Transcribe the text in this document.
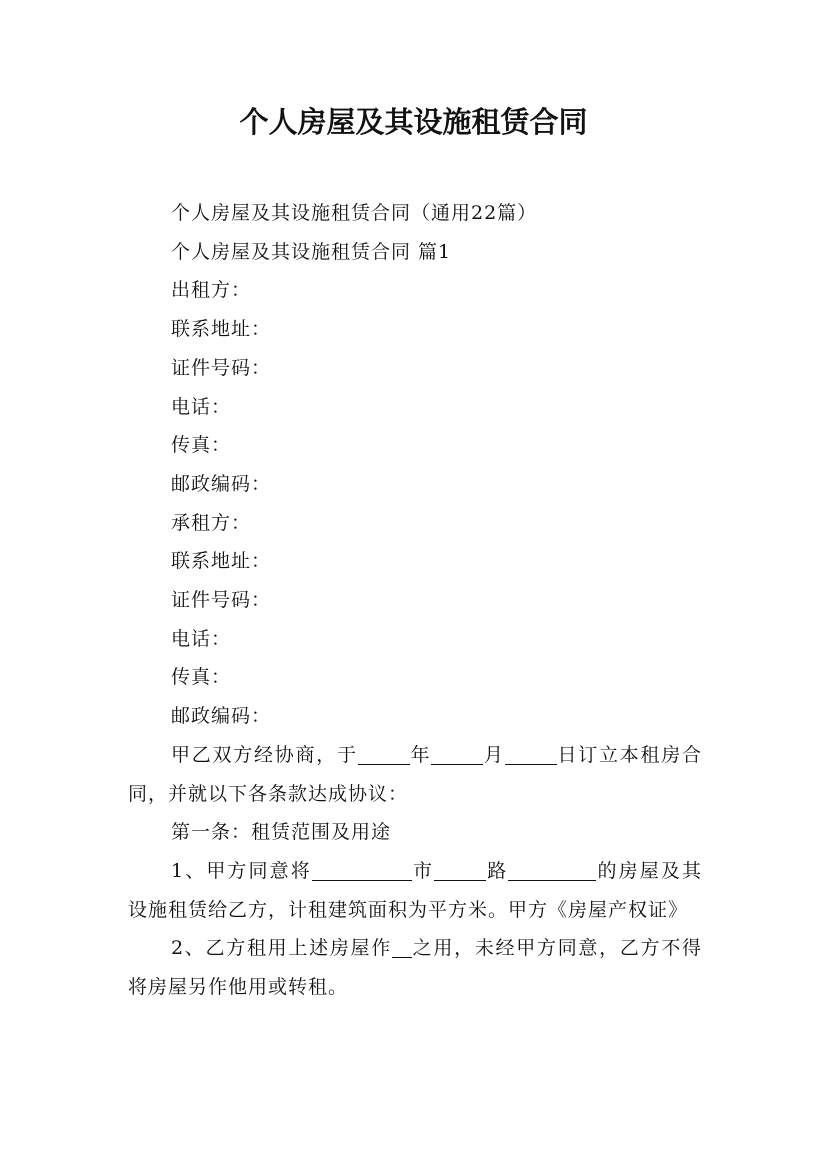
个人房屋及其设施租赁合同

个人房屋及其设施租赁合同（通用22篇）

个人房屋及其设施租赁合同 篇1

出租方：

联系地址：

证件号码：

电话：

传真：

邮政编码：

承租方：

联系地址：

证件号码：

电话：

传真：

邮政编码：

甲乙双方经协商，于	年	月	日订立本租房合同，并就以下各条款达成协议：

第一条：租赁范围及用途

1、甲方同意将	市	路	的房屋及其设施租赁给乙方，计租建筑面积为平方米。甲方《房屋产权证》

2、乙方租用上述房屋作 之用，未经甲方同意，乙方不得将房屋另作他用或转租。
